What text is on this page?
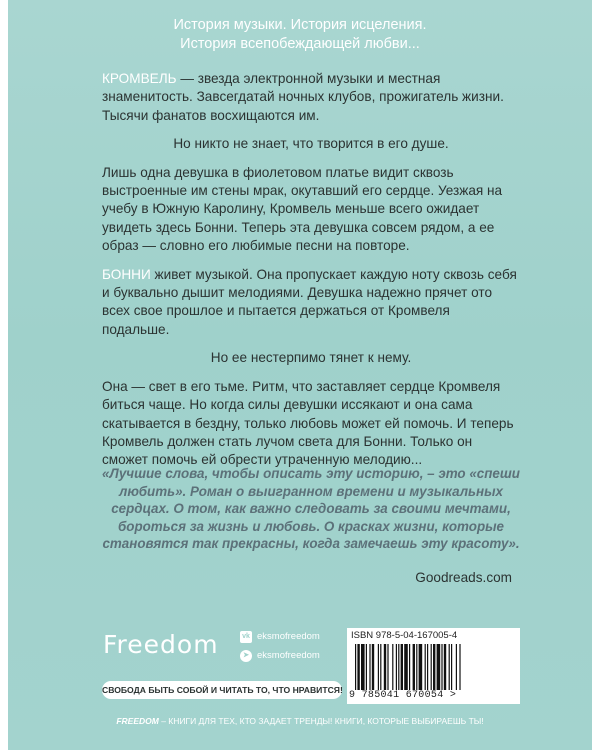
История музыки. История исцеления.
История всепобеждающей любви...

КРОМВЕЛЬ — звезда электронной музыки и местная знаменитость. Завсегдатай ночных клубов, прожигатель жизни. Тысячи фанатов восхищаются им.

Но никто не знает, что творится в его душе.

Лишь одна девушка в фиолетовом платье видит сквозь выстроенные им стены мрак, окутавший его сердце. Уезжая на учебу в Южную Каролину, Кромвель меньше всего ожидает увидеть здесь Бонни. Теперь эта девушка совсем рядом, а ее образ — словно его любимые песни на повторе.

БОННИ живет музыкой. Она пропускает каждую ноту сквозь себя и буквально дышит мелодиями. Девушка надежно прячет ото всех свое прошлое и пытается держаться от Кромвеля подальше.

Но ее нестерпимо тянет к нему.

Она — свет в его тьме. Ритм, что заставляет сердце Кромвеля биться чаще. Но когда силы девушки иссякают и она сама скатывается в бездну, только любовь может ей помочь. И теперь Кромвель должен стать лучом света для Бонни. Только он сможет помочь ей обрести утраченную мелодию...

«Лучшие слова, чтобы описать эту историю, – это «спеши любить». Роман о выигранном времени и музыкальных сердцах. О том, как важно следовать за своими мечтами, бороться за жизнь и любовь. О красках жизни, которые становятся так прекрасны, когда замечаешь эту красоту».
Goodreads.com
Freedom	vk eksmofreedom
➤ eksmofreedom
ISBN 978-5-04-167005-4
9 785041 670054 >
СВОБОДА БЫТЬ СОБОЙ И ЧИТАТЬ ТО, ЧТО НРАВИТСЯ!
FREEDOM – КНИГИ ДЛЯ ТЕХ, КТО ЗАДАЕТ ТРЕНДЫ! КНИГИ, КОТОРЫЕ ВЫБИРАЕШЬ ТЫ!
